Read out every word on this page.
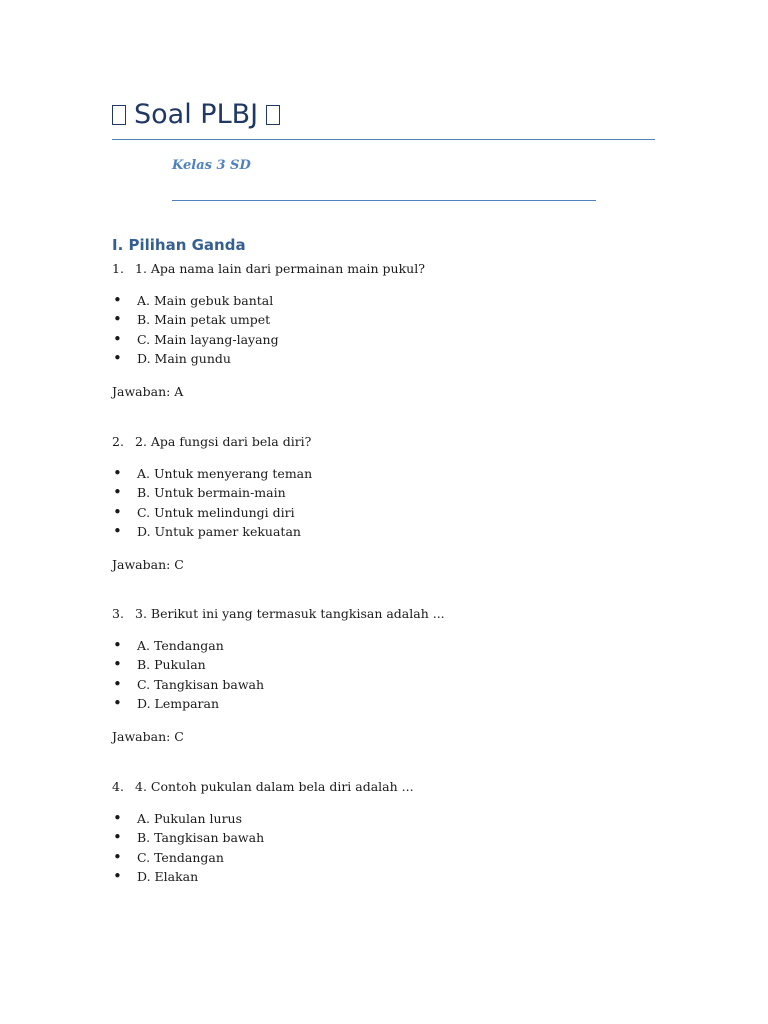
Soal PLBJ
Kelas 3 SD
I. Pilihan Ganda
1. 1. Apa nama lain dari permainan main pukul?
•	A. Main gebuk bantal
•	B. Main petak umpet
•	C. Main layang-layang
•	D. Main gundu
Jawaban: A
2. 2. Apa fungsi dari bela diri?
•	A. Untuk menyerang teman
•	B. Untuk bermain-main
•	C. Untuk melindungi diri
•	D. Untuk pamer kekuatan
Jawaban: C
3. 3. Berikut ini yang termasuk tangkisan adalah ...
•	A. Tendangan
•	B. Pukulan
•	C. Tangkisan bawah
•	D. Lemparan
Jawaban: C
4. 4. Contoh pukulan dalam bela diri adalah ...
•	A. Pukulan lurus
•	B. Tangkisan bawah
•	C. Tendangan
•	D. Elakan
